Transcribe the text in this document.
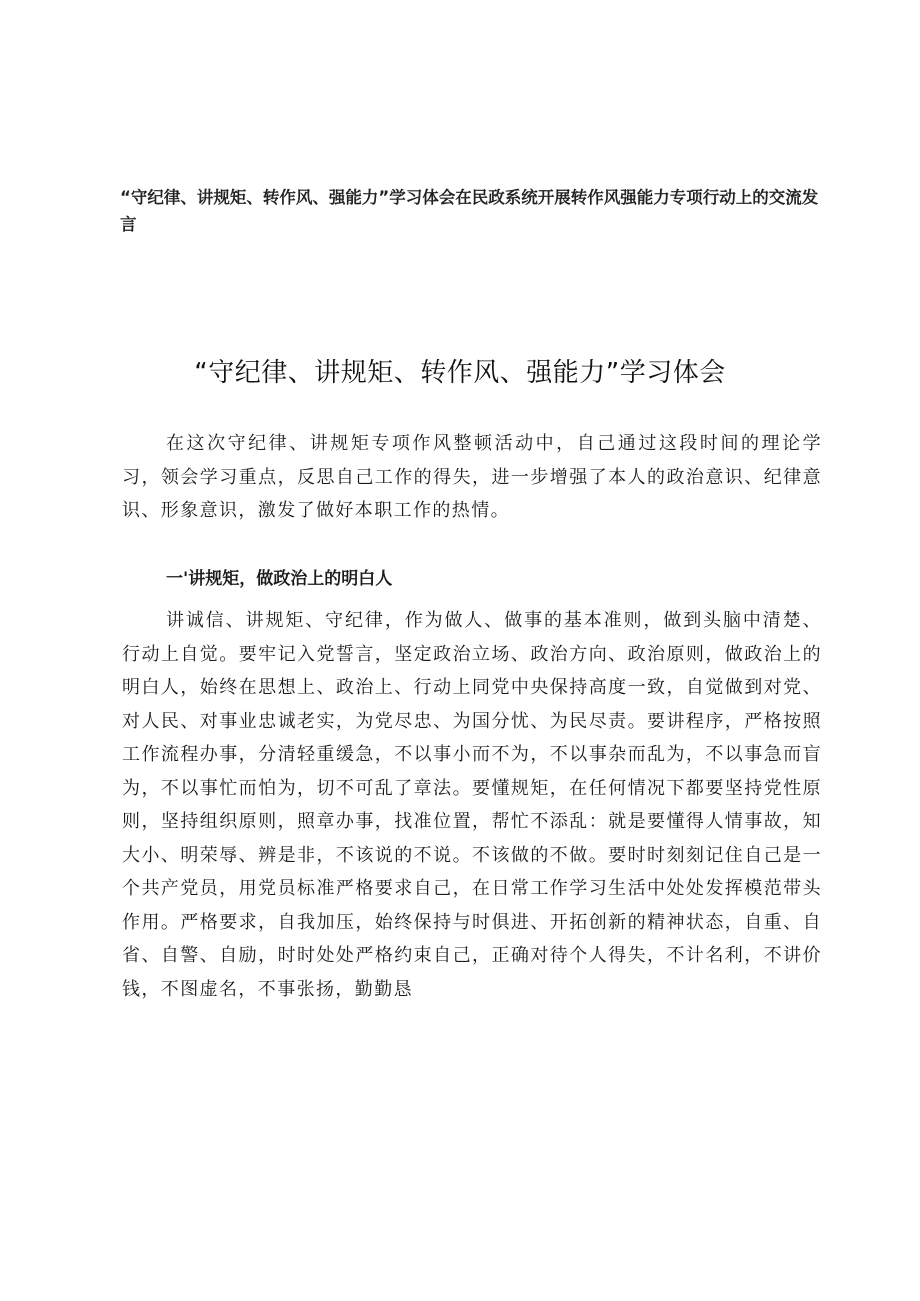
“守纪律、讲规矩、转作风、强能力”学习体会在民政系统开展转作风强能力专项行动上的交流发言
“守纪律、讲规矩、转作风、强能力”学习体会

在这次守纪律、讲规矩专项作风整顿活动中，自己通过这段时间的理论学习，领会学习重点，反思自己工作的得失，进一步增强了本人的政治意识、纪律意识、形象意识，激发了做好本职工作的热情。

一'讲规矩，做政治上的明白人

讲诚信、讲规矩、守纪律，作为做人、做事的基本准则，做到头脑中清楚、行动上自觉。要牢记入党誓言，坚定政治立场、政治方向、政治原则，做政治上的明白人，始终在思想上、政治上、行动上同党中央保持高度一致，自觉做到对党、对人民、对事业忠诚老实，为党尽忠、为国分忧、为民尽责。要讲程序，严格按照工作流程办事，分清轻重缓急，不以事小而不为，不以事杂而乱为，不以事急而盲为，不以事忙而怕为，切不可乱了章法。要懂规矩，在任何情况下都要坚持党性原则，坚持组织原则，照章办事，找准位置，帮忙不添乱：就是要懂得人情事故，知大小、明荣辱、辨是非，不该说的不说。不该做的不做。要时时刻刻记住自己是一个共产党员，用党员标准严格要求自己，在日常工作学习生活中处处发挥模范带头作用。严格要求，自我加压，始终保持与时俱进、开拓创新的精神状态，自重、自省、自警、自励，时时处处严格约束自己，正确对待个人得失，不计名利，不讲价钱，不图虚名，不事张扬，勤勤恳
